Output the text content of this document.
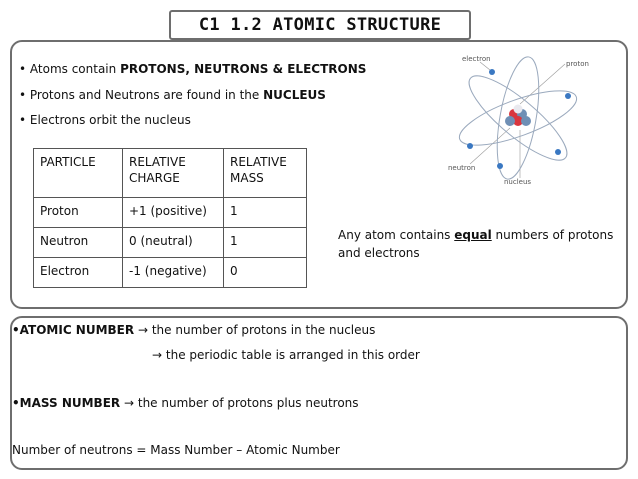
C1 1.2 ATOMIC STRUCTURE
• Atoms contain PROTONS, NEUTRONS & ELECTRONS
• Protons and Neutrons are found in the NUCLEUS
• Electrons orbit the nucleus
PARTICLE	RELATIVE CHARGE	RELATIVE MASS
Proton	+1 (positive)	1
Neutron	0 (neutral)	1
Electron	-1 (negative)	0
Any atom contains equal numbers of protons and electrons
electron
proton
neutron
nucleus
•ATOMIC NUMBER → the number of protons in the nucleus
→ the periodic table is arranged in this order
•MASS NUMBER → the number of protons plus neutrons
Number of neutrons = Mass Number – Atomic Number
